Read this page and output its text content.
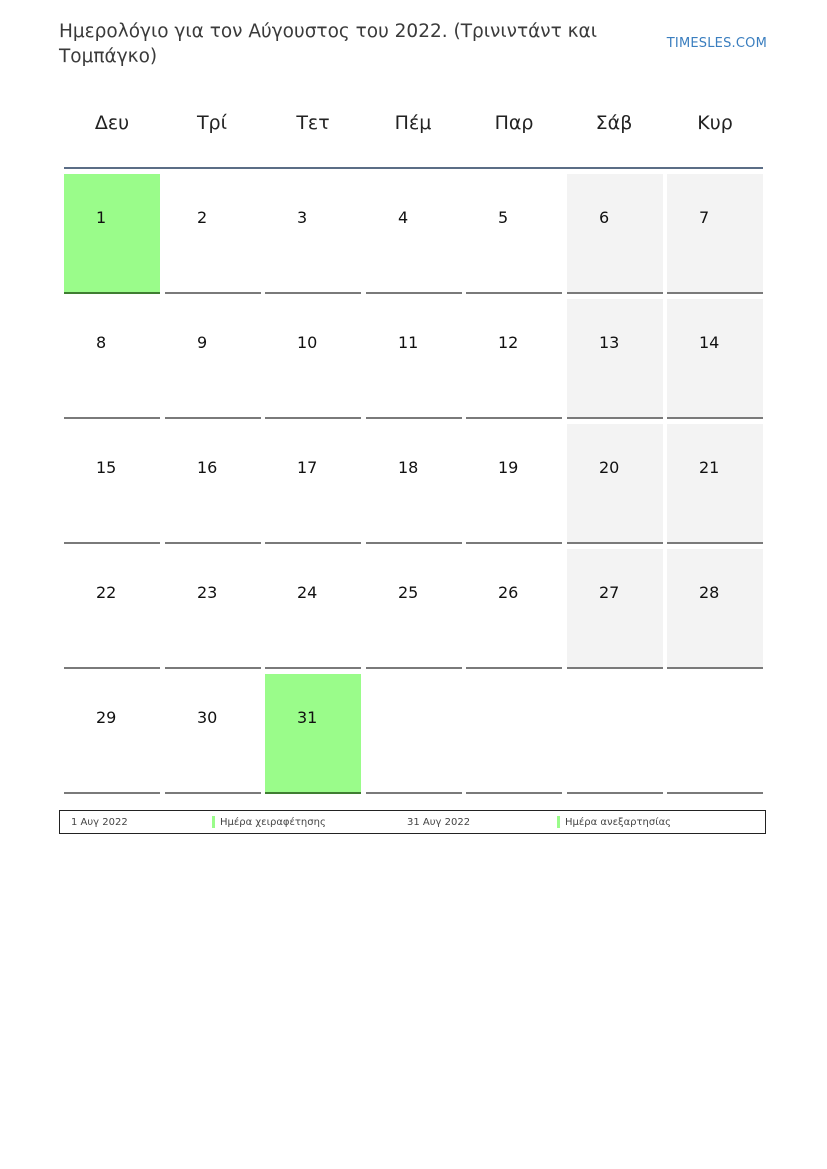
Ημερολόγιο για τον Αύγουστος του 2022. (Τρινιντάντ και Τομπάγκο)
TIMESLES.COM
Δευ	Τρί	Τετ	Πέμ	Παρ	Σάβ	Κυρ
1	2	3	4	5	6	7
8	9	10	11	12	13	14
15	16	17	18	19	20	21
22	23	24	25	26	27	28
29	30	31
1 Αυγ 2022	Ημέρα χειραφέτησης	31 Αυγ 2022	Ημέρα ανεξαρτησίας
